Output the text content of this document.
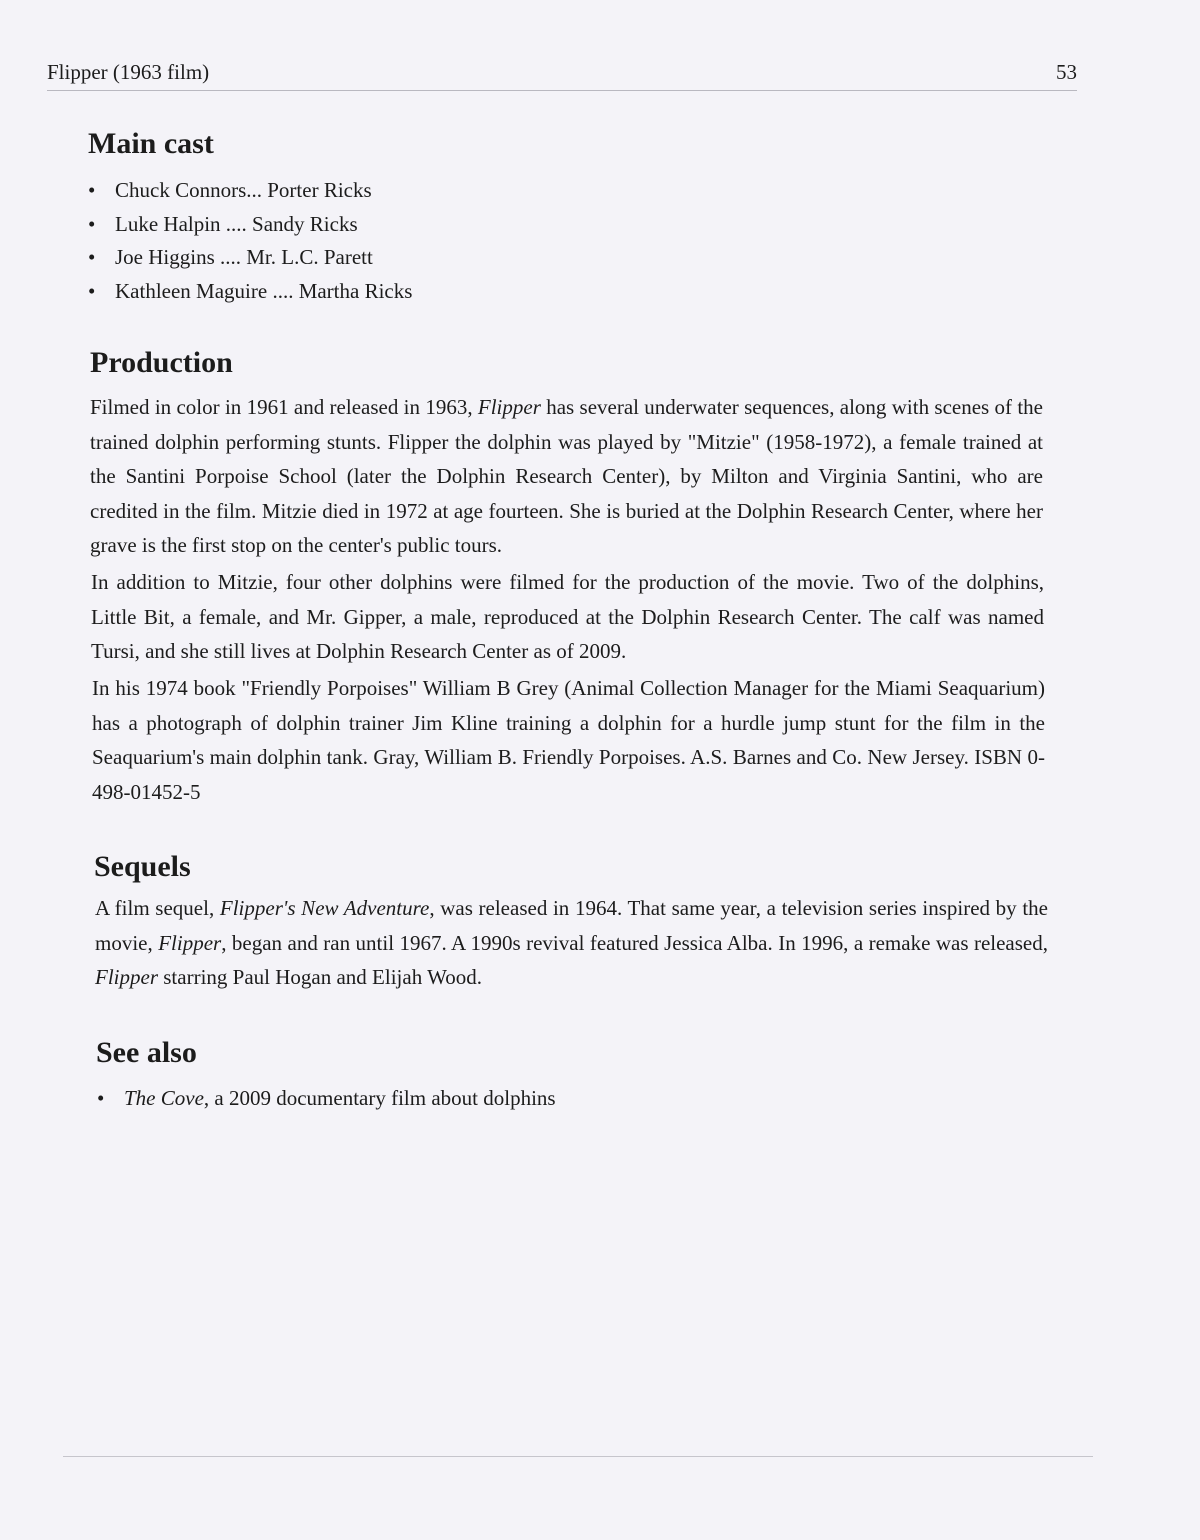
Flipper (1963 film)	53
Main cast
• Chuck Connors... Porter Ricks
• Luke Halpin .... Sandy Ricks
• Joe Higgins .... Mr. L.C. Parett
• Kathleen Maguire .... Martha Ricks
Production

Filmed in color in 1961 and released in 1963, Flipper has several underwater sequences, along with scenes of the trained dolphin performing stunts. Flipper the dolphin was played by "Mitzie" (1958-1972), a female trained at the Santini Porpoise School (later the Dolphin Research Center), by Milton and Virginia Santini, who are credited in the film. Mitzie died in 1972 at age fourteen. She is buried at the Dolphin Research Center, where her grave is the first stop on the center's public tours.

In addition to Mitzie, four other dolphins were filmed for the production of the movie. Two of the dolphins, Little Bit, a female, and Mr. Gipper, a male, reproduced at the Dolphin Research Center. The calf was named Tursi, and she still lives at Dolphin Research Center as of 2009.

In his 1974 book "Friendly Porpoises" William B Grey (Animal Collection Manager for the Miami Seaquarium) has a photograph of dolphin trainer Jim Kline training a dolphin for a hurdle jump stunt for the film in the Seaquarium's main dolphin tank. Gray, William B. Friendly Porpoises. A.S. Barnes and Co. New Jersey. ISBN 0-498-01452-5

Sequels

A film sequel, Flipper's New Adventure, was released in 1964. That same year, a television series inspired by the movie, Flipper, began and ran until 1967. A 1990s revival featured Jessica Alba. In 1996, a remake was released, Flipper starring Paul Hogan and Elijah Wood.

See also
• The Cove, a 2009 documentary film about dolphins
